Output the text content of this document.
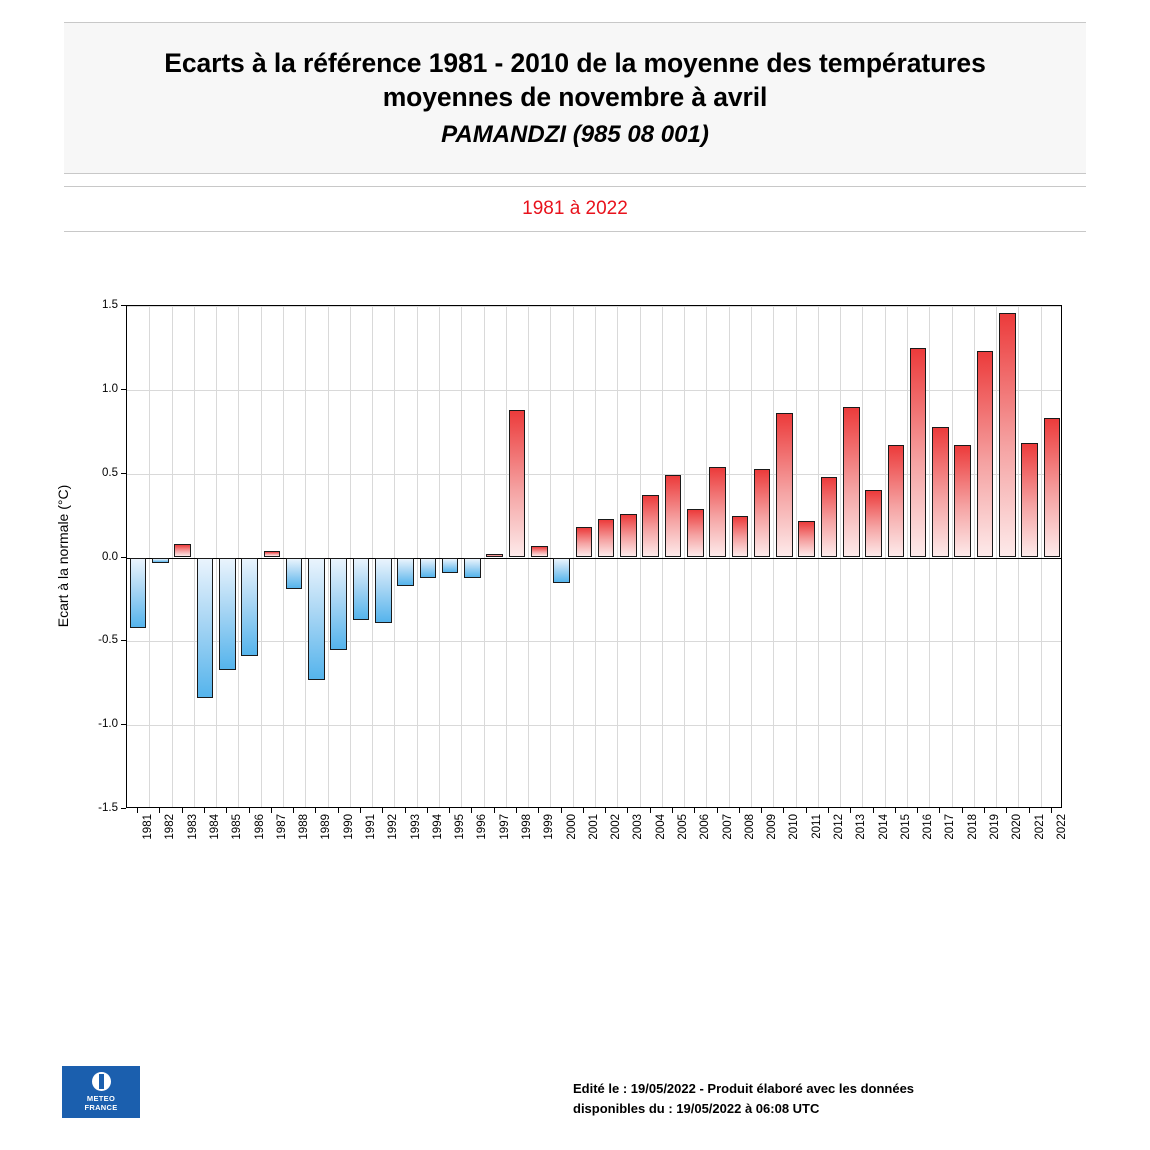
Ecarts à la référence 1981 - 2010 de la moyenne des températures
moyennes de novembre à avril
PAMANDZI (985 08 001)
1981 à 2022
Ecart à la normale (°C)
-1.5
-1.0
-0.5
0.0
0.5
1.0
1.5
1981 1982 1983 1984 1985 1986 1987 1988 1989 1990 1991 1992 1993 1994 1995 1996 1997 1998 1999 2000 2001 2002 2003 2004 2005 2006 2007 2008 2009 2010 2011 2012 2013 2014 2015 2016 2017 2018 2019 2020 2021 2022
METEO
FRANCE
Edité le : 19/05/2022 - Produit élaboré avec les données
disponibles du : 19/05/2022 à 06:08 UTC
